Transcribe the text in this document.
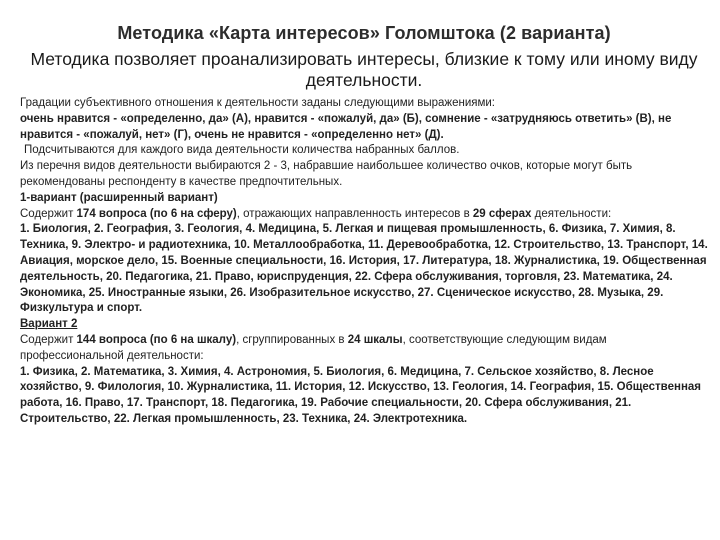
Методика «Карта интересов» Голомштока (2 варианта)
Методика позволяет проанализировать интересы, близкие к тому или иному виду деятельности.

Градации субъективного отношения к деятельности заданы следующими выражениями:

очень нравится - «определенно, да» (А), нравится - «пожалуй, да» (Б), сомнение - «затрудняюсь ответить» (В), не нравится - «пожалуй, нет» (Г), очень не нравится - «определенно нет» (Д).

Подсчитываются для каждого вида деятельности количества набранных баллов.

Из перечня видов деятельности выбираются 2 - 3, набравшие наибольшее количество очков, которые могут быть рекомендованы респонденту в качестве предпочтительных.

1-вариант (расширенный вариант)

Содержит 174 вопроса (по 6 на сферу), отражающих направленность интересов в 29 сферах деятельности:

1. Биология, 2. География, 3. Геология, 4. Медицина, 5. Легкая и пищевая промышленность, 6. Физика, 7. Химия, 8. Техника, 9. Электро- и радиотехника, 10. Металлообработка, 11. Деревообработка, 12. Строительство, 13. Транспорт, 14. Авиация, морское дело, 15. Военные специальности, 16. История, 17. Литература, 18. Журналистика, 19. Общественная деятельность, 20. Педагогика, 21. Право, юриспруденция, 22. Сфера обслуживания, торговля, 23. Математика, 24. Экономика, 25. Иностранные языки, 26. Изобразительное искусство, 27. Сценическое искусство, 28. Музыка, 29. Физкультура и спорт.

Вариант 2

Содержит 144 вопроса (по 6 на шкалу), сгруппированных в 24 шкалы, соответствующие следующим видам профессиональной деятельности:

1. Физика, 2. Математика, 3. Химия, 4. Астрономия, 5. Биология, 6. Медицина, 7. Сельское хозяйство, 8. Лесное хозяйство, 9. Филология, 10. Журналистика, 11. История, 12. Искусство, 13. Геология, 14. География, 15. Общественная работа, 16. Право, 17. Транспорт, 18. Педагогика, 19. Рабочие специальности, 20. Сфера обслуживания, 21. Строительство, 22. Легкая промышленность, 23. Техника, 24. Электротехника.
